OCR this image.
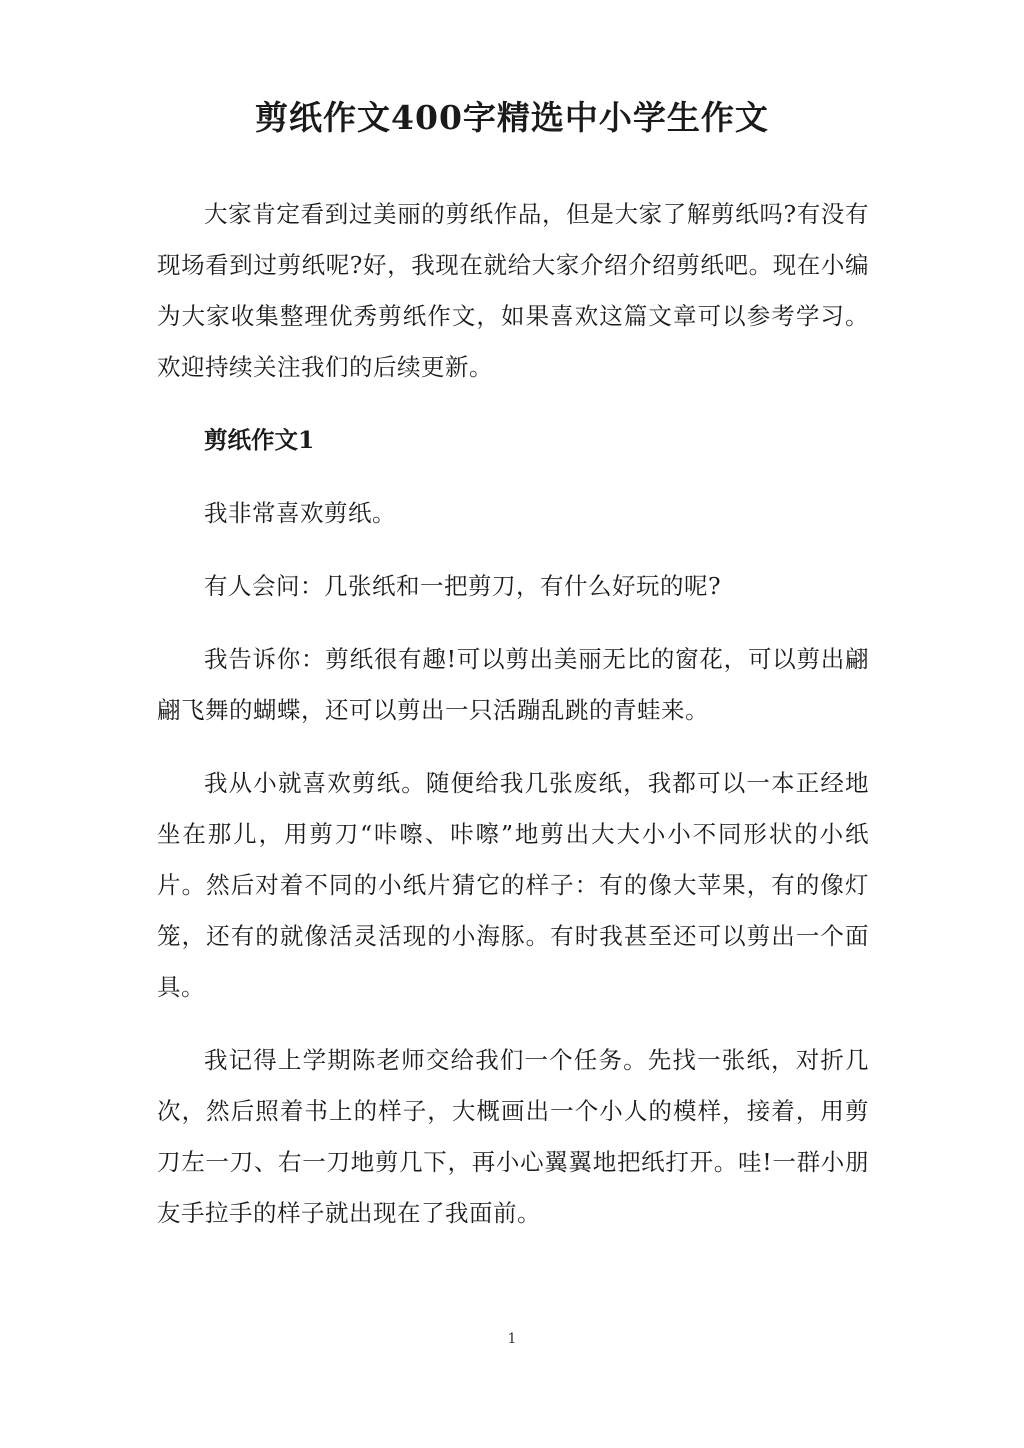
剪纸作文400字精选中小学生作文

大家肯定看到过美丽的剪纸作品，但是大家了解剪纸吗?有没有现场看到过剪纸呢?好，我现在就给大家介绍介绍剪纸吧。现在小编为大家收集整理优秀剪纸作文，如果喜欢这篇文章可以参考学习。欢迎持续关注我们的后续更新。

剪纸作文1

我非常喜欢剪纸。

有人会问：几张纸和一把剪刀，有什么好玩的呢?

我告诉你：剪纸很有趣!可以剪出美丽无比的窗花，可以剪出翩翩飞舞的蝴蝶，还可以剪出一只活蹦乱跳的青蛙来。

我从小就喜欢剪纸。随便给我几张废纸，我都可以一本正经地坐在那儿，用剪刀“咔嚓、咔嚓”地剪出大大小小不同形状的小纸片。然后对着不同的小纸片猜它的样子：有的像大苹果，有的像灯笼，还有的就像活灵活现的小海豚。有时我甚至还可以剪出一个面具。

我记得上学期陈老师交给我们一个任务。先找一张纸，对折几次，然后照着书上的样子，大概画出一个小人的模样，接着，用剪刀左一刀、右一刀地剪几下，再小心翼翼地把纸打开。哇!一群小朋友手拉手的样子就出现在了我面前。

1
